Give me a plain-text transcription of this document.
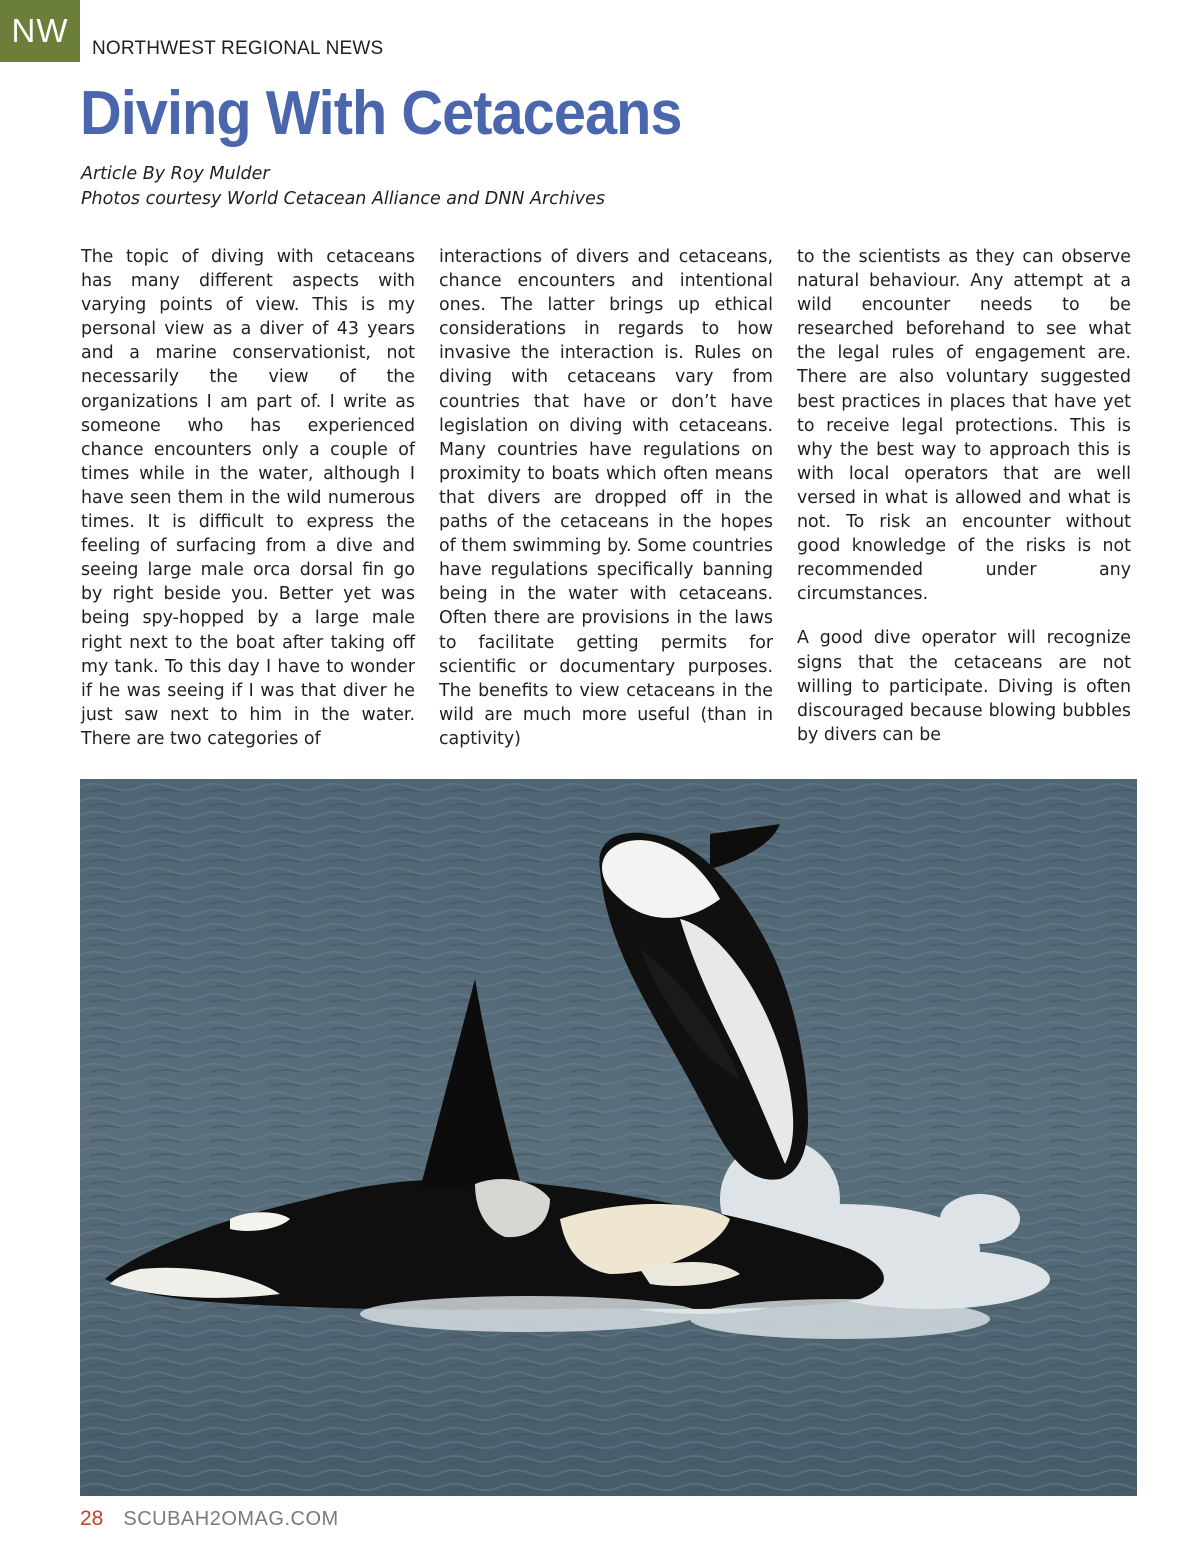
NW	NORTHWEST REGIONAL NEWS
Diving With Cetaceans
Article By Roy Mulder
Photos courtesy World Cetacean Alliance and DNN Archives

The topic of diving with cetaceans has many different aspects with varying points of view. This is my personal view as a diver of 43 years and a marine conservationist, not necessarily the view of the organizations I am part of. I write as someone who has experienced chance encounters only a couple of times while in the water, although I have seen them in the wild numerous times. It is difficult to express the feeling of surfacing from a dive and seeing large male orca dorsal fin go by right beside you. Better yet was being spy-hopped by a large male right next to the boat after taking off my tank. To this day I have to wonder if he was seeing if I was that diver he just saw next to him in the water. There are two categories of

interactions of divers and cetaceans, chance encounters and intentional ones. The latter brings up ethical considerations in regards to how invasive the interaction is. Rules on diving with cetaceans vary from countries that have or don’t have legislation on diving with cetaceans. Many countries have regulations on proximity to boats which often means that divers are dropped off in the paths of the cetaceans in the hopes of them swimming by. Some countries have regulations specifically banning being in the water with cetaceans. Often there are provisions in the laws to facilitate getting permits for scientific or documentary purposes. The benefits to view cetaceans in the wild are much more useful (than in captivity)

to the scientists as they can observe natural behaviour. Any attempt at a wild encounter needs to be researched beforehand to see what the legal rules of engagement are. There are also voluntary suggested best practices in places that have yet to receive legal protections. This is why the best way to approach this is with local operators that are well versed in what is allowed and what is not. To risk an encounter without good knowledge of the risks is not recommended under any circumstances.

A good dive operator will recognize signs that the cetaceans are not willing to participate. Diving is often discouraged because blowing bubbles by divers can be

28 SCUBAH2OMAG.COM
